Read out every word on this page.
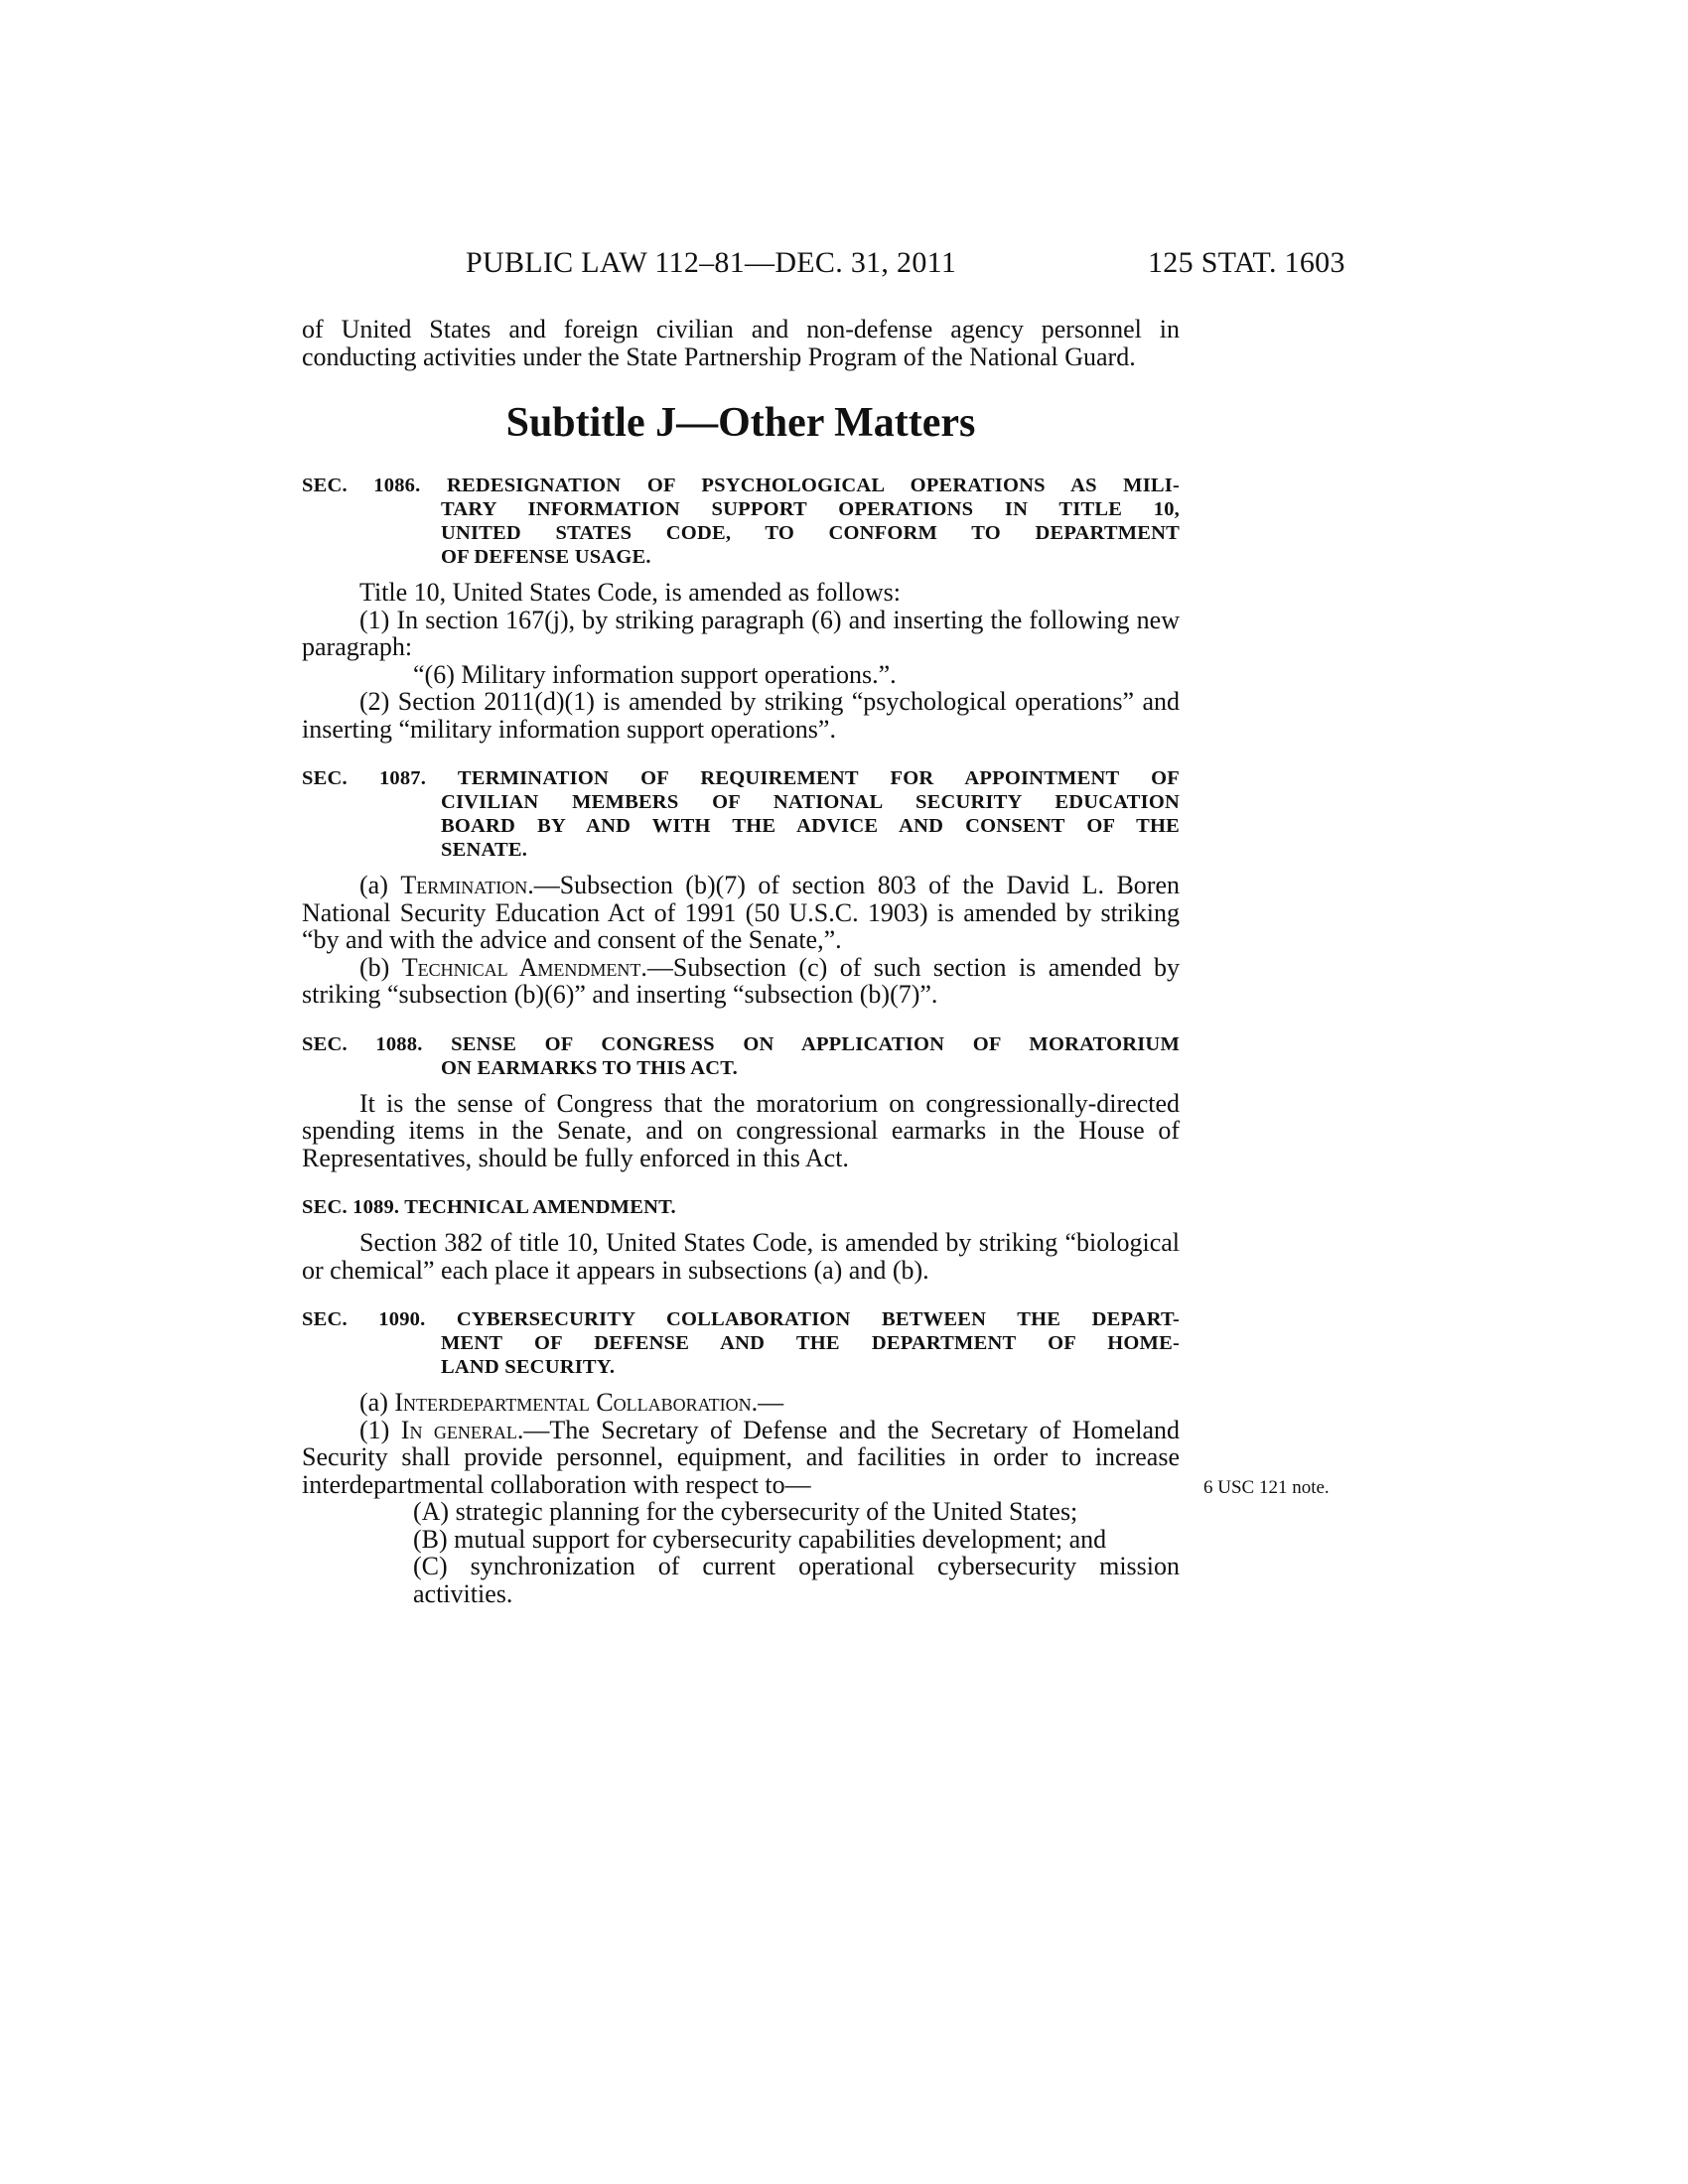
PUBLIC LAW 112–81—DEC. 31, 2011	125 STAT. 1603

of United States and foreign civilian and non-defense agency personnel in conducting activities under the State Partnership Program of the National Guard.

Subtitle J—Other Matters
SEC. 1086. REDESIGNATION OF PSYCHOLOGICAL OPERATIONS AS MILI-
TARY INFORMATION SUPPORT OPERATIONS IN TITLE 10,
UNITED STATES CODE, TO CONFORM TO DEPARTMENT
OF DEFENSE USAGE.

Title 10, United States Code, is amended as follows:

(1) In section 167(j), by striking paragraph (6) and inserting the following new paragraph:

“(6) Military information support operations.”.

(2) Section 2011(d)(1) is amended by striking “psychological operations” and inserting “military information support operations”.

SEC. 1087. TERMINATION OF REQUIREMENT FOR APPOINTMENT OF
CIVILIAN MEMBERS OF NATIONAL SECURITY EDUCATION
BOARD BY AND WITH THE ADVICE AND CONSENT OF THE
SENATE.

(a) Termination.—Subsection (b)(7) of section 803 of the David L. Boren National Security Education Act of 1991 (50 U.S.C. 1903) is amended by striking “by and with the advice and consent of the Senate,”.

(b) Technical Amendment.—Subsection (c) of such section is amended by striking “subsection (b)(6)” and inserting “subsection (b)(7)”.

SEC. 1088. SENSE OF CONGRESS ON APPLICATION OF MORATORIUM
ON EARMARKS TO THIS ACT.

It is the sense of Congress that the moratorium on congressionally-directed spending items in the Senate, and on congressional earmarks in the House of Representatives, should be fully enforced in this Act.

SEC. 1089. TECHNICAL AMENDMENT.

Section 382 of title 10, United States Code, is amended by striking “biological or chemical” each place it appears in subsections (a) and (b).

SEC. 1090. CYBERSECURITY COLLABORATION BETWEEN THE DEPART-
MENT OF DEFENSE AND THE DEPARTMENT OF HOME-
LAND SECURITY.

(a) Interdepartmental Collaboration.—

(1) In general.—The Secretary of Defense and the Secretary of Homeland Security shall provide personnel, equipment, and facilities in order to increase interdepartmental collaboration with respect to—

(A) strategic planning for the cybersecurity of the United States;

(B) mutual support for cybersecurity capabilities development; and

(C) synchronization of current operational cybersecurity mission activities.

6 USC 121 note.
